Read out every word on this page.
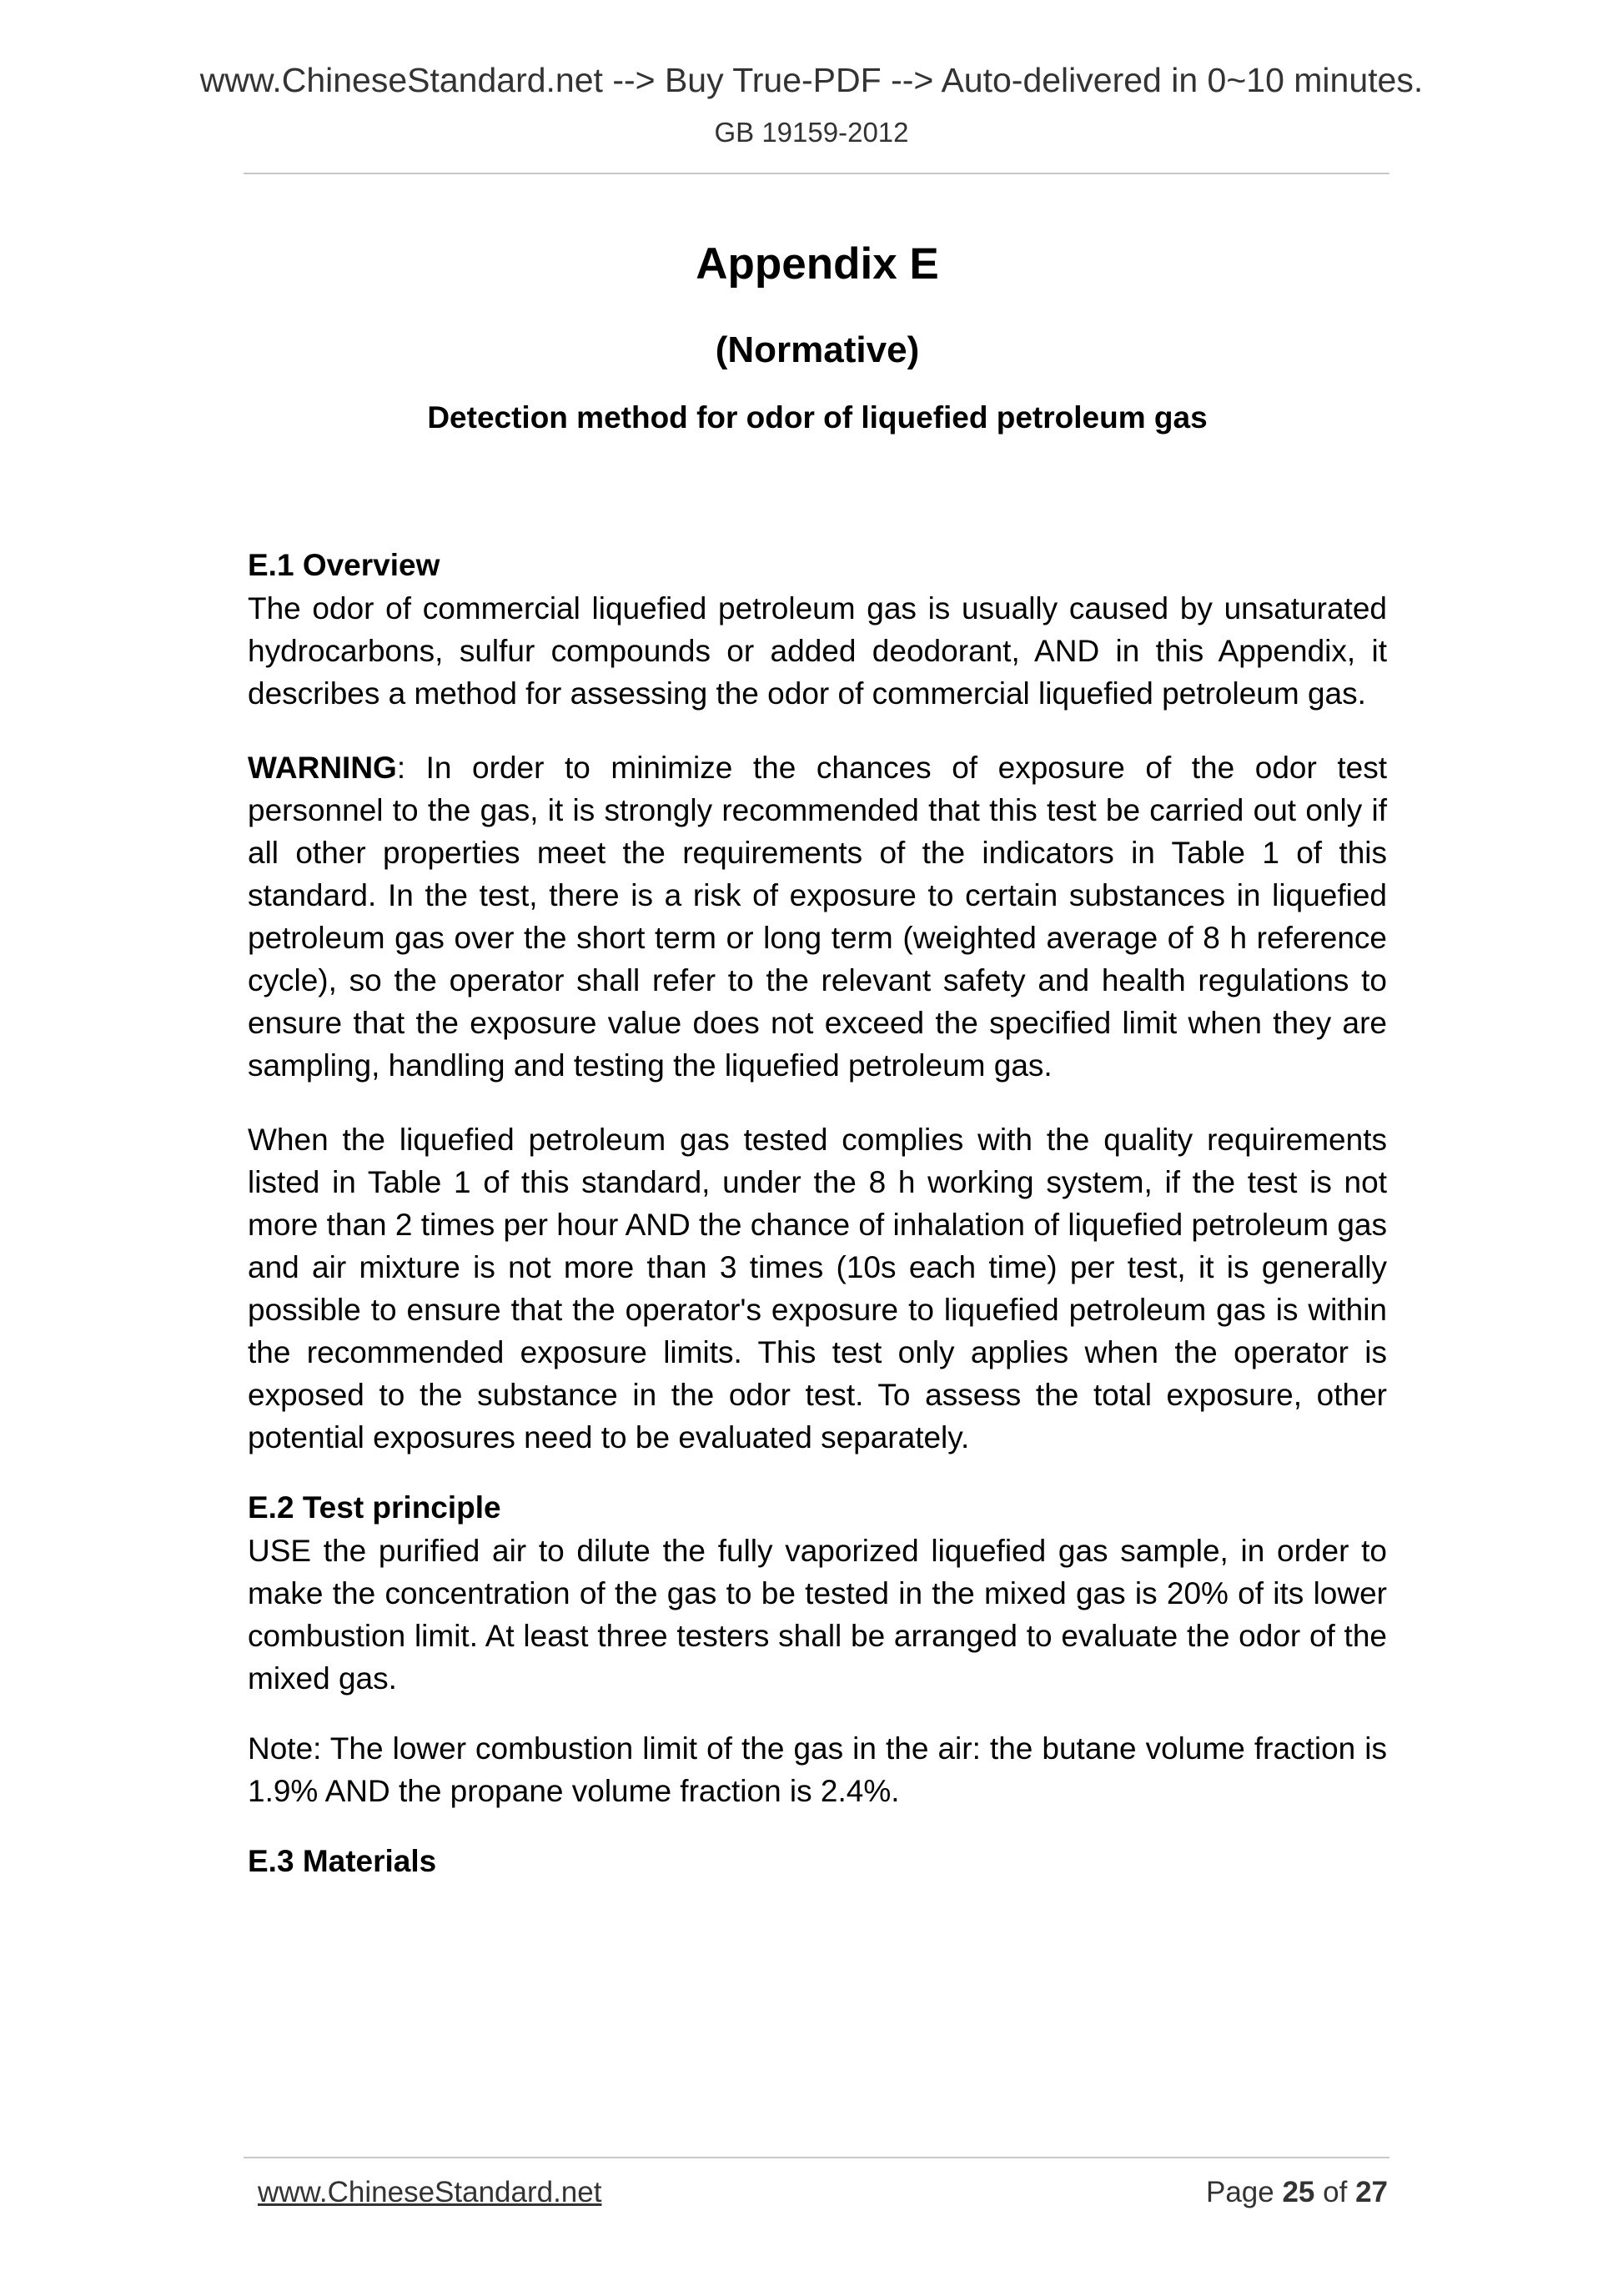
www.ChineseStandard.net --> Buy True-PDF --> Auto-delivered in 0~10 minutes.
GB 19159-2012
Appendix E
(Normative)
Detection method for odor of liquefied petroleum gas
E.1 Overview

The odor of commercial liquefied petroleum gas is usually caused by unsaturated hydrocarbons, sulfur compounds or added deodorant, AND in this Appendix, it describes a method for assessing the odor of commercial liquefied petroleum gas.

WARNING: In order to minimize the chances of exposure of the odor test personnel to the gas, it is strongly recommended that this test be carried out only if all other properties meet the requirements of the indicators in Table 1 of this standard. In the test, there is a risk of exposure to certain substances in liquefied petroleum gas over the short term or long term (weighted average of 8 h reference cycle), so the operator shall refer to the relevant safety and health regulations to ensure that the exposure value does not exceed the specified limit when they are sampling, handling and testing the liquefied petroleum gas.

When the liquefied petroleum gas tested complies with the quality requirements listed in Table 1 of this standard, under the 8 h working system, if the test is not more than 2 times per hour AND the chance of inhalation of liquefied petroleum gas and air mixture is not more than 3 times (10s each time) per test, it is generally possible to ensure that the operator's exposure to liquefied petroleum gas is within the recommended exposure limits. This test only applies when the operator is exposed to the substance in the odor test. To assess the total exposure, other potential exposures need to be evaluated separately.

E.2 Test principle

USE the purified air to dilute the fully vaporized liquefied gas sample, in order to make the concentration of the gas to be tested in the mixed gas is 20% of its lower combustion limit. At least three testers shall be arranged to evaluate the odor of the mixed gas.

Note: The lower combustion limit of the gas in the air: the butane volume fraction is 1.9% AND the propane volume fraction is 2.4%.

E.3 Materials
www.ChineseStandard.net	Page 25 of 27
